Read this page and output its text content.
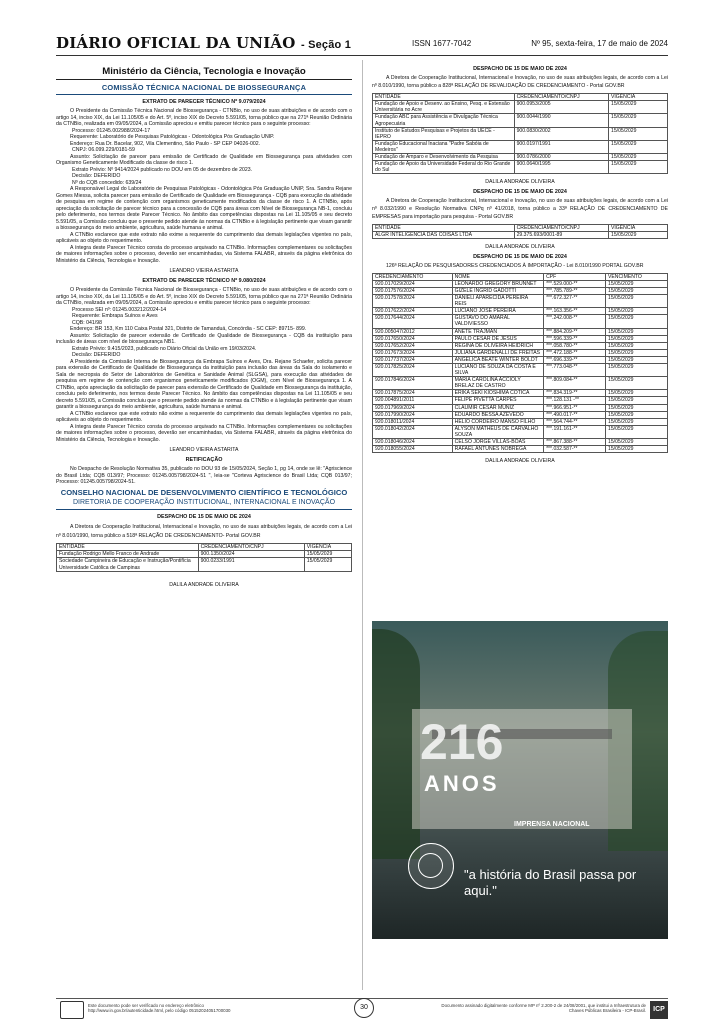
DIÁRIO OFICIAL DA UNIÃO - Seção 1	ISSN 1677-7042	Nº 95, sexta-feira, 17 de maio de 2024
Ministério da Ciência, Tecnologia e Inovação
COMISSÃO TÉCNICA NACIONAL DE BIOSSEGURANÇA
EXTRATO DE PARECER TÉCNICO Nº 9.079/2024

O Presidente da Comissão Técnica Nacional de Biossegurança - CTNBio, no uso de suas atribuições e de acordo com o artigo 14, inciso XIX, da Lei 11.105/05 e do Art. 5º, inciso XIX do Decreto 5.591/05, torna público que na 271ª Reunião Ordinária da CTNBio, realizada em 09/05/2024, a Comissão apreciou e emitiu parecer técnico para o seguinte processo:

Processo: 01245.002988/2024-17

Requerente: Laboratório de Pesquisas Patológicas - Odontológica Pós Graduação UNIP.

Endereço: Rua Dr. Bacelar, 902, Vila Clementino, São Paulo - SP CEP 04026-002.

CNPJ: 06.099.229/0181-59

Assunto: Solicitação de parecer para emissão de Certificado de Qualidade em Biossegurança para atividades com Organismo Geneticamente Modificado da classe de risco 1.

Extrato Prévio: Nº 9414/2024 publicado no DOU em 05 de dezembro de 2023.

Decisão: DEFERIDO

Nº do CQB concedido: 639/24

A Responsável Legal do Laboratório de Pesquisas Patológicas - Odontológica Pós Graduação UNIP, Sra. Sandra Rejane Gomes Miessa, solicita parecer para emissão de Certificado de Qualidade em Biossegurança - CQB para execução da atividade de pesquisa em regime de contenção com organismos geneticamente modificados da classe de risco 1. A CTNBio, após apreciação da solicitação de parecer técnico para a concessão de CQB para áreas com Nível de Biossegurança NB-1, concluiu pelo deferimento, nos termos deste Parecer Técnico. No âmbito das competências dispostas na Lei 11.105/05 e seu decreto 5.591/05, a Comissão concluiu que o presente pedido atende às normas da CTNBio e à legislação pertinente que visam garantir a biossegurança do meio ambiente, agricultura, saúde humana e animal.

A CTNBio esclarece que este extrato não exime a requerente do cumprimento das demais legislações vigentes no país, aplicáveis ao objeto do requerimento.

A íntegra deste Parecer Técnico consta do processo arquivado na CTNBio. Informações complementares ou solicitações de maiores informações sobre o processo, deverão ser encaminhadas, via Sistema FALABR, através da página eletrônica do Ministério da Ciência, Tecnologia e Inovação.

LEANDRO VIEIRA ASTARITA
EXTRATO DE PARECER TÉCNICO Nº 9.080/2024

O Presidente da Comissão Técnica Nacional de Biossegurança - CTNBio, no uso de suas atribuições e de acordo com o artigo 14, inciso XIX, da Lei 11.105/05 e do Art. 5º, inciso XIX do Decreto 5.591/05, torna público que na 271ª Reunião Ordinária da CTNBio, realizada em 09/05/2024, a Comissão apreciou e emitiu parecer técnico para o seguinte processo:

Processo SEI nº: 01245.003212/2024-14

Requerente: Embrapa Suínos e Aves

CQB: 041/98

Endereço: BR 153, Km 110 Caixa Postal 321, Distrito de Tamanduá, Concórdia - SC CEP: 89715- 899.

Assunto: Solicitação de parecer extensão de Certificado de Qualidade de Biossegurança - CQB da instituição para inclusão de áreas com nível de biossegurança NB1.

Extrato Prévio: 9.415/2023, publicado no Diário Oficial da União em 19/03/2024.

Decisão: DEFERIDO

A Presidente da Comissão Interna de Biossegurança da Embrapa Suínos e Aves, Dra. Rejane Schaefer, solicita parecer para extensão de Certificado de Qualidade de Biossegurança da instituição para inclusão das áreas da Sala do isolamento e Sala de necropsia do Setor de Laboratórios de Genética e Sanidade Animal (SLGSA), para execução das atividades de pesquisa em regime de contenção com organismos geneticamente modificados (OGM), com Nível de Biossegurança 1. A CTNBio, após apreciação da solicitação de parecer para extensão de Certificado de Qualidade em Biossegurança da instituição, concluiu pelo deferimento, nos termos deste Parecer Técnico. No âmbito das competências dispostas na Lei 11.105/05 e seu decreto 5.591/05, a Comissão concluiu que o presente pedido atende às normas da CTNBio e à legislação pertinente que visam garantir a biossegurança do meio ambiente, agricultura, saúde humana e animal.

A CTNBio esclarece que este extrato não exime a requerente do cumprimento das demais legislações vigentes no país, aplicáveis ao objeto do requerimento.

A íntegra deste Parecer Técnico consta do processo arquivado na CTNBio. Informações complementares ou solicitações de maiores informações sobre o processo, deverão ser encaminhadas, via Sistema FALABR, através da página eletrônica do Ministério da Ciência, Tecnologia e Inovação.

LEANDRO VIEIRA ASTARITA
RETIFICAÇÃO

No Despacho de Resolução Normativa 35, publicado no DOU 93 de 15/05/2024, Seção 1, pg 14, onde se lê: "Agriscience do Brasil Ltda; CQB 013/97; Processo: 01245.005798/2024-51 ", leia-se "Corteva Agriscience do Brasil Ltda; CQB 013/97; Processo: 01245.005798/2024-51.

CONSELHO NACIONAL DE DESENVOLVIMENTO CIENTÍFICO E TECNOLÓGICO
DIRETORIA DE COOPERAÇÃO INSTITUCIONAL, INTERNACIONAL E INOVAÇÃO
DESPACHO DE 15 DE MAIO DE 2024

A Diretora de Cooperação Institucional, Internacional e Inovação, no uso de suas atribuições legais, de acordo com a Lei nº 8.010/1990, torna público a 518ª RELAÇÃO DE CREDENCIAMENTO- Portal GOV.BR

ENTIDADE	CREDENCIAMENTO/CNPJ	VIGÊNCIA
Fundação Rodrigo Mello Franco de Andrade	900.1350/2024	15/05/2029
Sociedade Campineira de Educação e Instrução/Pontifícia Universidade Católica de Campinas	900.0233/1991	15/05/2029
DALILA ANDRADE OLIVEIRA
DESPACHO DE 15 DE MAIO DE 2024

A Diretora de Cooperação Institucional, Internacional e Inovação, no uso de suas atribuições legais, de acordo com a Lei nº 8.010/1990, torna público a 828ª RELAÇÃO DE REVALIDAÇÃO DE CREDENCIAMENTO - Portal GOV.BR

ENTIDADE	CREDENCIAMENTO/CNPJ	VIGÊNCIA
Fundação de Apoio e Desenv. ao Ensino, Pesq. e Extensão Universitária no Acre	900.0953/2005	15/05/2029
Fundação ABC para Assistência e Divulgação Técnica Agropecuária	900.0044/1990	15/05/2029
Instituto de Estudos Pesquisas e Projetos da UECE - IEPRO	900.0830/2002	15/05/2029
Fundação Educacional Inaciana "Padre Sabóia de Medeiros"	900.0197/1991	15/05/2029
Fundação de Amparo e Desenvolvimento da Pesquisa	900.0786/2000	15/05/2029
Fundação de Apoio da Universidade Federal do Rio Grande do Sul	900.0640/1995	15/05/2029
DALILA ANDRADE OLIVEIRA
DESPACHO DE 15 DE MAIO DE 2024

A Diretora de Cooperação Institucional, Internacional e Inovação, no uso de suas atribuições legais, de acordo com a Lei nº 8.032/1990 e Resolução Normativa CNPq nº 41/2018, torna público a 33ª RELAÇÃO DE CREDENCIAMENTO DE EMPRESAS para importação para pesquisa - Portal GOV.BR

ENTIDADE	CREDENCIAMENTO/CNPJ	VIGÊNCIA
ALGR INTELIGENCIA DAS COISAS LTDA	29.375.693/0001-89	15/05/2029
DALILA ANDRADE OLIVEIRA
DESPACHO DE 15 DE MAIO DE 2024

126ª RELAÇÃO DE PESQUISADORES CREDENCIADOS À IMPORTAÇÃO - Lei 8.010/1990 PORTAL GOV.BR

CREDENCIAMENTO	NOME	CPF	VENCIMENTO
920.017029/2024	LEONARDO GREGORY BRUNNET	***.529.000-**	15/05/2029
920.017576/2024	GIZELE INGRID GADOTTI	***.785.789-**	15/05/2029
920.017578/2024	DANIELI APARECIDA PEREIRA REIS	***.672.327-**	15/05/2029
920.017622/2024	LUCIANO JOSE PEREIRA	***.163.356-**	15/05/2029
920.017644/2024	GUSTAVO DO AMARAL VALDIVIESSO	***.242.008-**	15/05/2029
920.005047/2012	ANETE TRAJMAN	***.884.209-**	15/05/2029
920.017650/2024	PAULO CESAR DE JESUS	***.596.339-**	15/05/2029
920.017652/2024	REGINA DE OLIVEIRA HEIDRICH	***.058.780-**	15/05/2029
920.017673/2024	JULIANA GARDENALLI DE FREITAS	***.472.188-**	15/05/2029
920.017737/2024	ANGELICA BEATE WINTER BOLDT	***.696.339-**	15/05/2029
920.017825/2024	LUCIANO DE SOUZA DA COSTA E SILVA	***.773.048-**	15/05/2029
920.017846/2024	MARIA CAROLINA ACCIOLY BRELAZ DE CASTRO	***.809.084-**	15/05/2029
920.017875/2024	ERIKA SEKI KIOSHIMA COTICA	***.834.319-**	15/05/2029
920.004891/2011	FELIPE PIVETTA CARPES	***.128.131 -**	15/05/2029
920.017969/2024	CLAUMIR CESAR MUNIZ	***.966.951-**	15/05/2029
920.017990/2024	EDUARDO BESSA AZEVEDO	***.490.017-**	15/05/2029
920.018011/2024	HELIO CORDEIRO MANSO FILHO	***.564.744-**	15/05/2029
920.018042/2024	ALYSON MATHEUS DE CARVALHO SOUZA	***.191.161-**	15/05/2029
920.018046/2024	CELSO JORGE VILLAS-BÔAS	***.867.388-**	15/05/2029
920.018055/2024	RAFAEL ANTUNES NOBREGA	***.032.587-**	15/05/2029
DALILA ANDRADE OLIVEIRA
216
ANOS
IMPRENSA NACIONAL
"a história do Brasil passa por aqui."
Este documento pode ser verificado no endereço eletrônico http://www.in.gov.br/autenticidade.html, pelo código 05152024051700030	30	Documento assinado digitalmente conforme MP nº 2.200-2 de 24/08/2001, que institui a Infraestrutura de Chaves Públicas Brasileira - ICP-Brasil.	ICP
